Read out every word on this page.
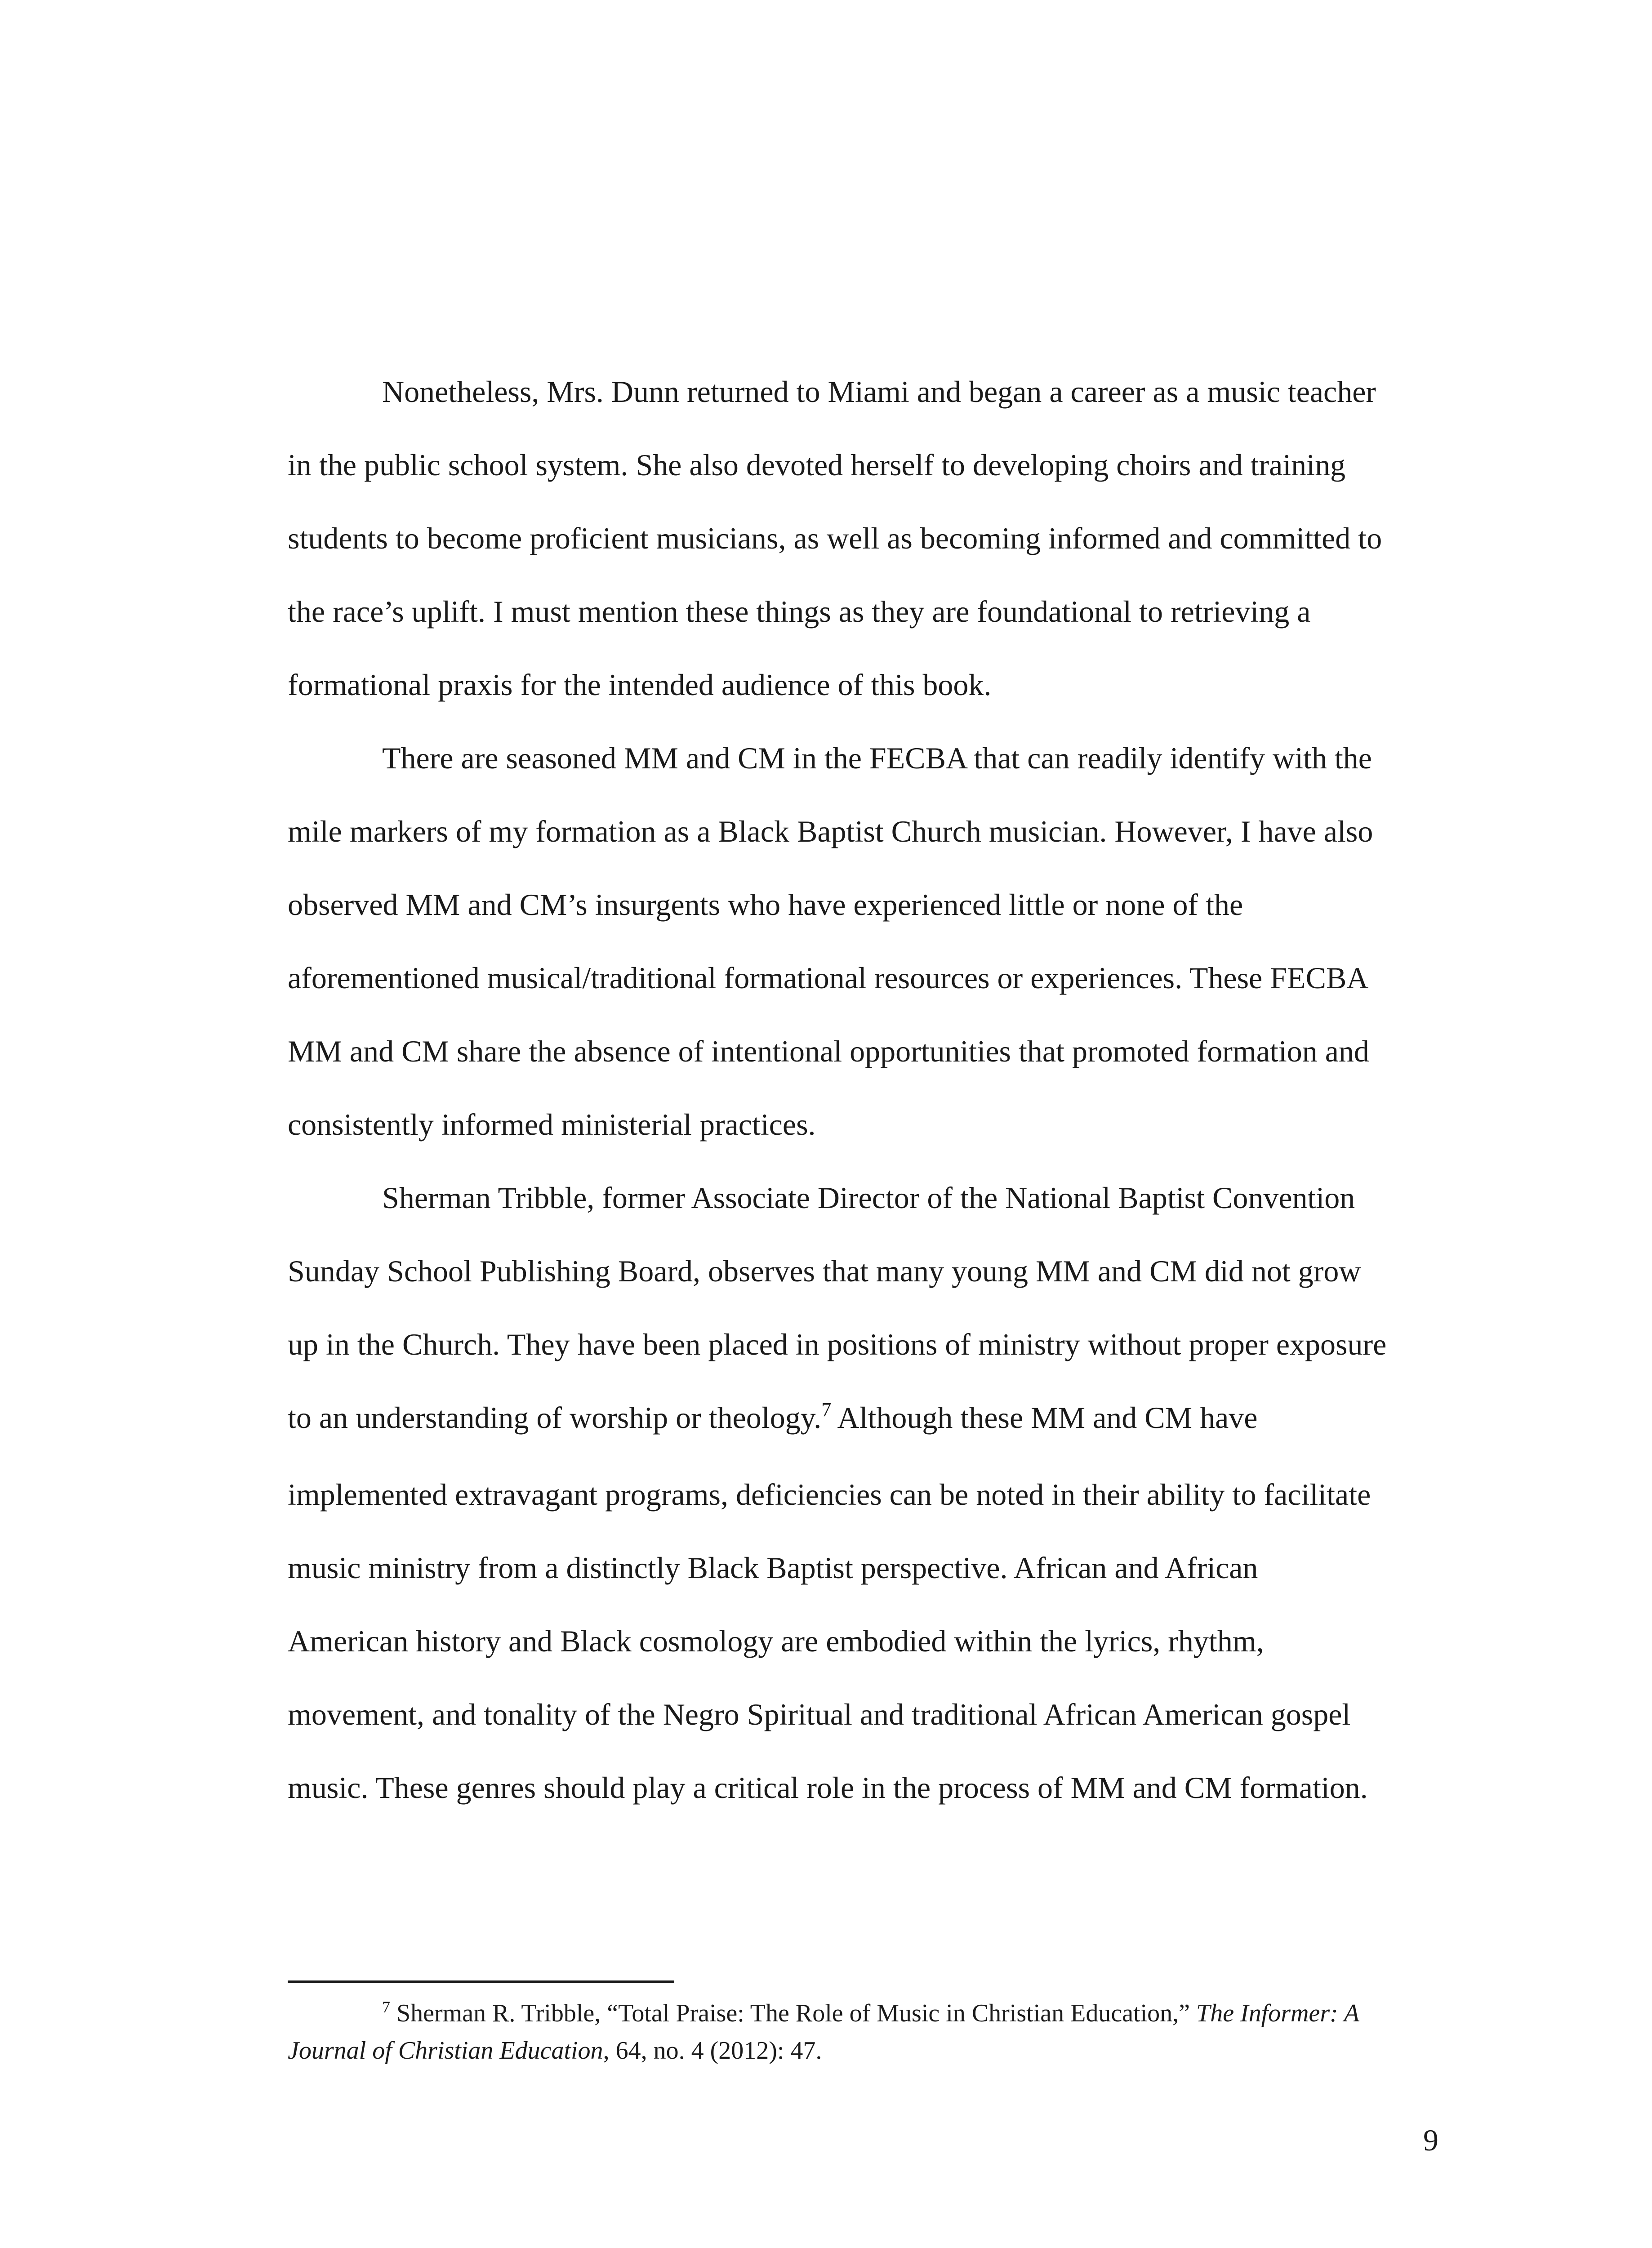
Nonetheless, Mrs. Dunn returned to Miami and began a career as a music teacher
in the public school system. She also devoted herself to developing choirs and training
students to become proficient musicians, as well as becoming informed and committed to
the race’s uplift. I must mention these things as they are foundational to retrieving a
formational praxis for the intended audience of this book.
There are seasoned MM and CM in the FECBA that can readily identify with the
mile markers of my formation as a Black Baptist Church musician. However, I have also
observed MM and CM’s insurgents who have experienced little or none of the
aforementioned musical/traditional formational resources or experiences. These FECBA
MM and CM share the absence of intentional opportunities that promoted formation and
consistently informed ministerial practices.
Sherman Tribble, former Associate Director of the National Baptist Convention
Sunday School Publishing Board, observes that many young MM and CM did not grow
up in the Church. They have been placed in positions of ministry without proper exposure
to an understanding of worship or theology.$^7$ Although these MM and CM have
implemented extravagant programs, deficiencies can be noted in their ability to facilitate
music ministry from a distinctly Black Baptist perspective. African and African
American history and Black cosmology are embodied within the lyrics, rhythm,
movement, and tonality of the Negro Spiritual and traditional African American gospel
music. These genres should play a critical role in the process of MM and CM formation.
$^7$ Sherman R. Tribble, “Total Praise: The Role of Music in Christian Education,” The Informer: A
Journal of Christian Education, 64, no. 4 (2012): 47.
9
